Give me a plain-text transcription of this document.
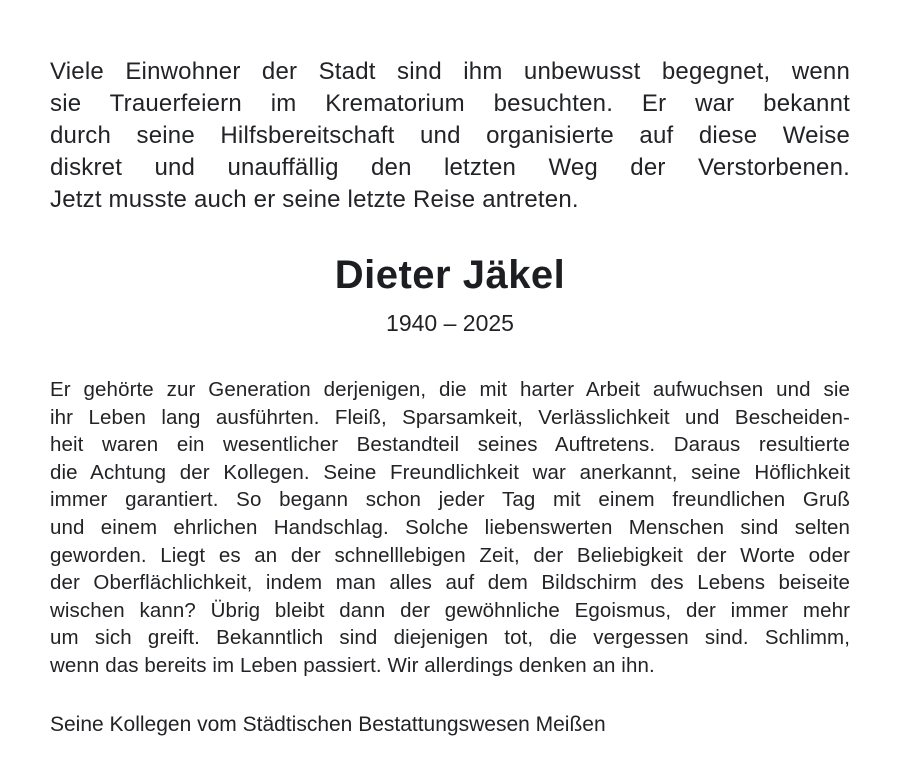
Viele Einwohner der Stadt sind ihm unbewusst begegnet, wenn
sie Trauerfeiern im Krematorium besuchten. Er war bekannt
durch seine Hilfsbereitschaft und organisierte auf diese Weise
diskret und unauffällig den letzten Weg der Verstorbenen.
Jetzt musste auch er seine letzte Reise antreten.
Dieter Jäkel
1940 – 2025
Er gehörte zur Generation derjenigen, die mit harter Arbeit aufwuchsen und sie
ihr Leben lang ausführten. Fleiß, Sparsamkeit, Verlässlichkeit und Bescheiden-
heit waren ein wesentlicher Bestandteil seines Auftretens. Daraus resultierte
die Achtung der Kollegen. Seine Freundlichkeit war anerkannt, seine Höflichkeit
immer garantiert. So begann schon jeder Tag mit einem freundlichen Gruß
und einem ehrlichen Handschlag. Solche liebenswerten Menschen sind selten
geworden. Liegt es an der schnelllebigen Zeit, der Beliebigkeit der Worte oder
der Oberflächlichkeit, indem man alles auf dem Bildschirm des Lebens beiseite
wischen kann? Übrig bleibt dann der gewöhnliche Egoismus, der immer mehr
um sich greift. Bekanntlich sind diejenigen tot, die vergessen sind. Schlimm,
wenn das bereits im Leben passiert. Wir allerdings denken an ihn.
Seine Kollegen vom Städtischen Bestattungswesen Meißen
